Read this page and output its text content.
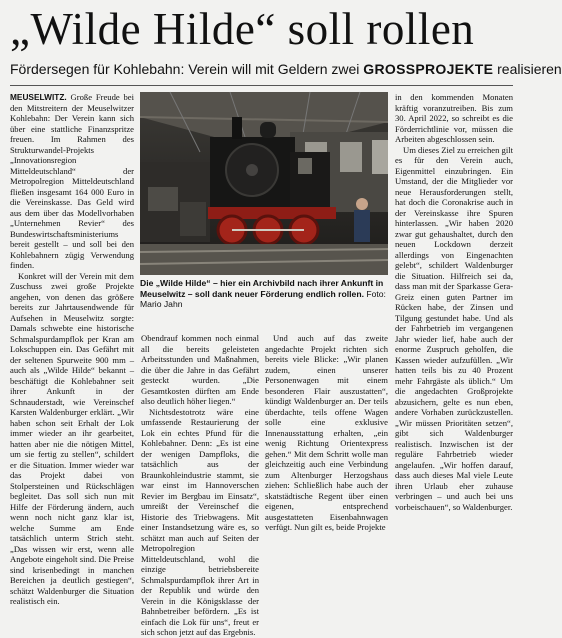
„Wilde Hilde“ soll rollen

Fördersegen für Kohlebahn: Verein will mit Geldern zwei GROSSPROJEKTE realisieren

MEUSELWITZ. Große Freude bei den Mitstreitern der Meuselwitzer Kohlebahn: Der Verein kann sich über eine stattliche Finanzspritze freuen. Im Rahmen des Strukturwandel-Projekts „Innovationsregion Mitteldeutschland“ der Metropolregion Mitteldeutschland fließen insgesamt 164 000 Euro in die Vereinskasse. Das Geld wird aus dem über das Modellvorhaben „Unternehmen Revier“ des Bundeswirtschaftsministeriums bereit gestellt – und soll bei den Kohlebahnern zügig Verwendung finden.

Konkret will der Verein mit dem Zuschuss zwei große Projekte angehen, von denen das größere bereits zur Jahrtausendwende für Aufsehen in Meuselwitz sorgte: Damals schwebte eine historische Schmalspurdampflok per Kran am Lokschuppen ein. Das Gefährt mit der seltenen Spurweite 900 mm – auch als „Wilde Hilde“ bekannt – beschäftigt die Kohlebahner seit ihrer Ankunft in der Schnauderstadt, wie Vereinschef Karsten Waldenburger erklärt. „Wir haben schon seit Erhalt der Lok immer wieder an ihr gearbeitet, hatten aber nie die nötigen Mittel, um sie fertig zu stellen“, schildert er die Situation. Immer wieder war das Projekt dabei von Stolpersteinen und Rückschlägen begleitet. Das soll sich nun mit Hilfe der Förderung ändern, auch wenn noch nicht ganz klar ist, welche Summe am Ende tatsächlich unterm Strich steht. „Das wissen wir erst, wenn alle Angebote eingeholt sind. Die Preise sind krisenbedingt in manchen Bereichen ja deutlich gestiegen“, schätzt Waldenburger die Situation realistisch ein.

Die „Wilde Hilde“ – hier ein Archivbild nach ihrer Ankunft in Meuselwitz – soll dank neuer Förderung endlich rollen. Foto: Mario Jahn

Obendrauf kommen noch einmal all die bereits geleisteten Arbeitsstunden und Maßnahmen, die über die Jahre in das Gefährt gesteckt wurden. „Die Gesamtkosten dürften am Ende also deutlich höher liegen.“

Nichtsdestotrotz wäre eine umfassende Restaurierung der Lok ein echtes Pfund für die Kohlebahner. Denn: „Es ist eine der wenigen Dampfloks, die tatsächlich aus der Braunkohleindustrie stammt, sie war einst im Hannoverschen Revier im Bergbau im Einsatz“, umreißt der Vereinschef die Historie des Triebwagens. Mit einer Instandsetzung wäre es, so schätzt man auch auf Seiten der Metropolregion Mitteldeutschland, wohl die einzige betriebsbereite Schmalspurdampflok ihrer Art in der Republik und würde den Verein in die Königsklasse der Bahnbetreiber befördern. „Es ist einfach die Lok für uns“, freut er sich schon jetzt auf das Ergebnis.

Und auch auf das zweite angedachte Projekt richten sich bereits viele Blicke: „Wir planen zudem, einen unserer Personenwagen mit einem besonderen Flair auszustatten“, kündigt Waldenburger an. Der teils überdachte, teils offene Wagen solle eine exklusive Innenausstattung erhalten, „ein wenig Richtung Orientexpress gehen.“ Mit dem Schritt wolle man gleichzeitig auch eine Verbindung zum Altenburger Herzogshaus ziehen: Schließlich habe auch der skatstädtische Regent über einen eigenen, entsprechend ausgestatteten Eisenbahnwagen verfügt. Nun gilt es, beide Projekte

in den kommenden Monaten kräftig voranzutreiben. Bis zum 30. April 2022, so schreibt es die Förderrichtlinie vor, müssen die Arbeiten abgeschlossen sein.

Um dieses Ziel zu erreichen gilt es für den Verein auch, Eigenmittel einzubringen. Ein Umstand, der die Mitglieder vor neue Herausforderungen stellt, hat doch die Coronakrise auch in der Vereinskasse ihre Spuren hinterlassen. „Wir haben 2020 zwar gut gehaushaltet, durch den neuen Lockdown derzeit allerdings von Eingenachten gelebt“, schildert Waldenburger die Situation. Hilfreich sei da, dass man mit der Sparkasse Gera-Greiz einen guten Partner im Rücken habe, der Zinsen und Tilgung gestundet habe. Und als der Fahrbetrieb im vergangenen Jahr wieder lief, habe auch der enorme Zuspruch geholfen, die Kassen wieder aufzufüllen. „Wir hatten teils bis zu 40 Prozent mehr Fahrgäste als üblich.“ Um die angedachten Großprojekte abzusichern, gelte es nun eben, andere Vorhaben zurückzustellen. „Wir müssen Prioritäten setzen“, gibt sich Waldenburger realistisch. Inzwischen ist der reguläre Fahrbetrieb wieder angelaufen. „Wir hoffen darauf, dass auch dieses Mal viele Leute ihren Urlaub eher zuhause verbringen – und auch bei uns vorbeischauen“, so Waldenburger.
